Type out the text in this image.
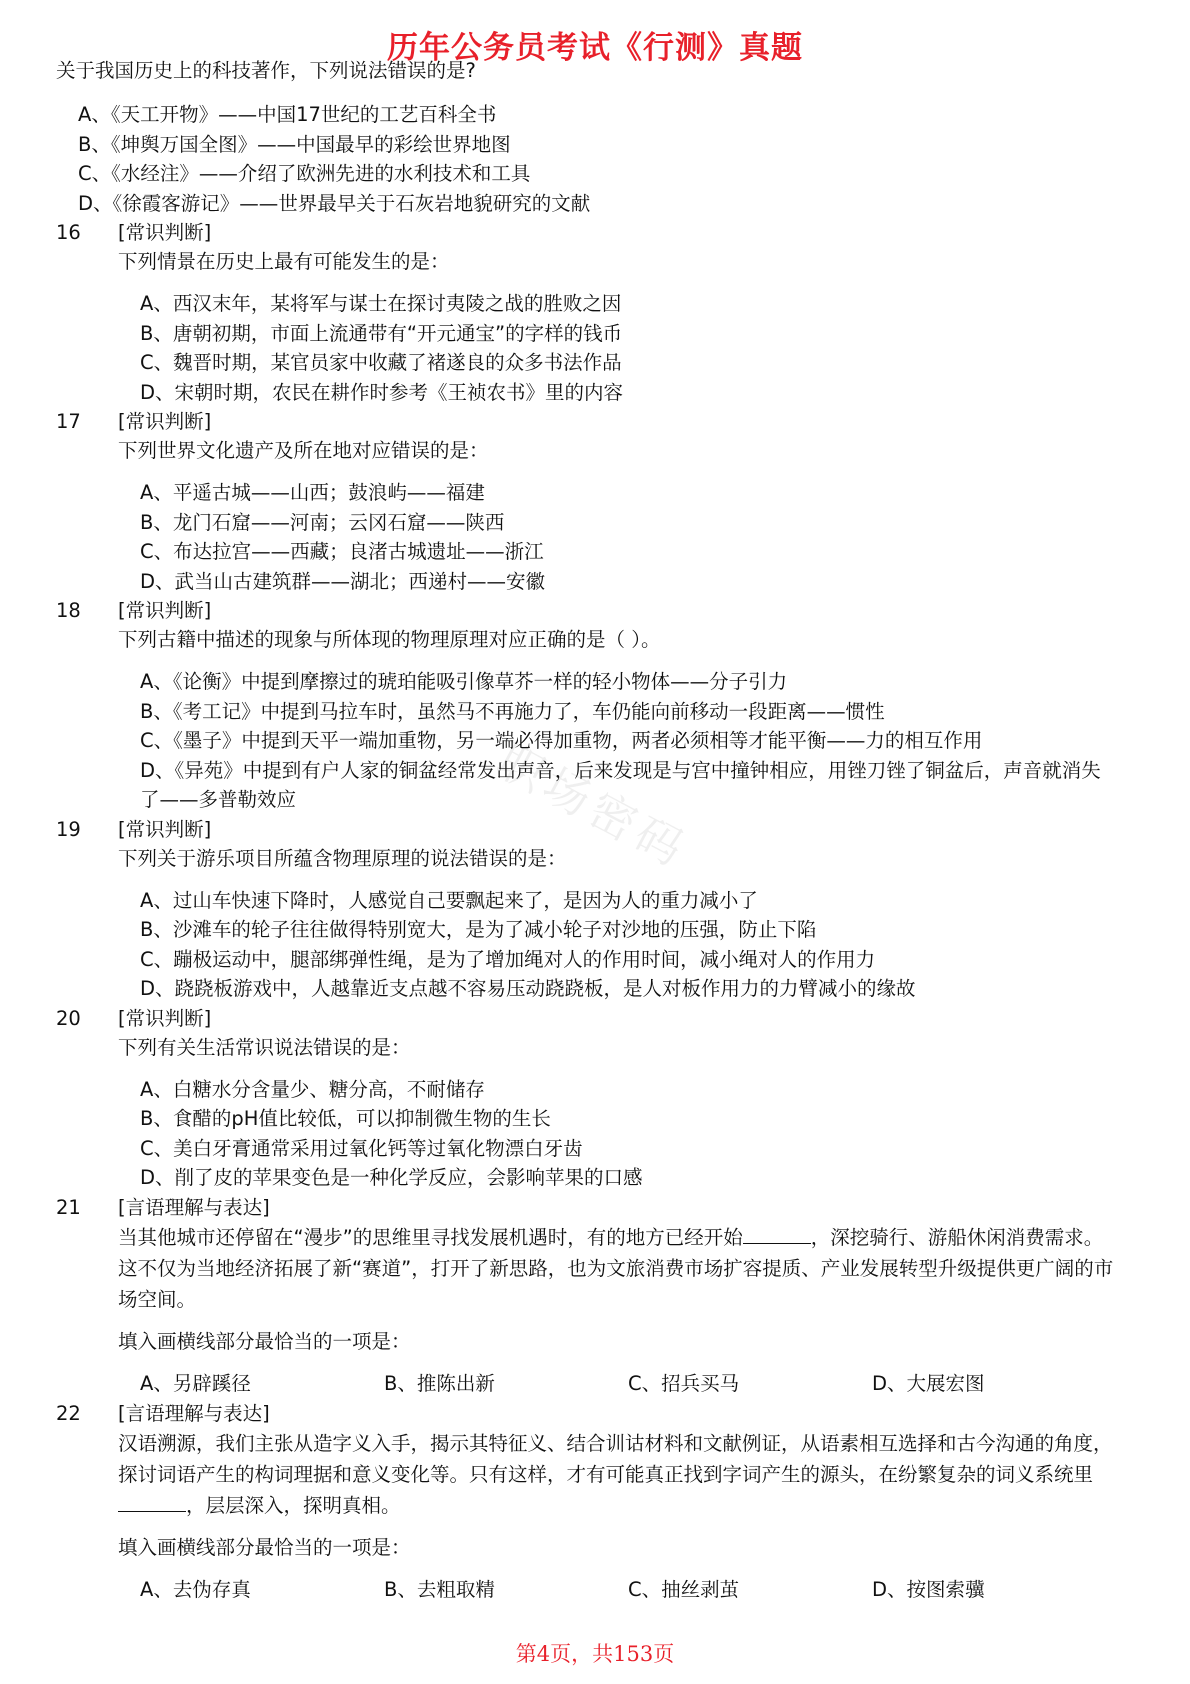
历年公务员考试《行测》真题
职场密码
关于我国历史上的科技著作，下列说法错误的是?
A、《天工开物》——中国17世纪的工艺百科全书
B、《坤舆万国全图》——中国最早的彩绘世界地图
C、《水经注》——介绍了欧洲先进的水利技术和工具
D、《徐霞客游记》——世界最早关于石灰岩地貌研究的文献
16 [常识判断]
下列情景在历史上最有可能发生的是：
A、西汉末年，某将军与谋士在探讨夷陵之战的胜败之因
B、唐朝初期，市面上流通带有“开元通宝”的字样的钱币
C、魏晋时期，某官员家中收藏了褚遂良的众多书法作品
D、宋朝时期，农民在耕作时参考《王祯农书》里的内容
17 [常识判断]
下列世界文化遗产及所在地对应错误的是：
A、平遥古城——山西；鼓浪屿——福建
B、龙门石窟——河南；云冈石窟——陕西
C、布达拉宫——西藏；良渚古城遗址——浙江
D、武当山古建筑群——湖北；西递村——安徽
18 [常识判断]
下列古籍中描述的现象与所体现的物理原理对应正确的是（ ）。
A、《论衡》中提到摩擦过的琥珀能吸引像草芥一样的轻小物体——分子引力
B、《考工记》中提到马拉车时，虽然马不再施力了，车仍能向前移动一段距离——惯性
C、《墨子》中提到天平一端加重物，另一端必得加重物，两者必须相等才能平衡——力的相互作用
D、《异苑》中提到有户人家的铜盆经常发出声音，后来发现是与宫中撞钟相应，用锉刀锉了铜盆后，声音就消失了——多普勒效应
19 [常识判断]
下列关于游乐项目所蕴含物理原理的说法错误的是：
A、过山车快速下降时，人感觉自己要飘起来了，是因为人的重力减小了
B、沙滩车的轮子往往做得特别宽大，是为了减小轮子对沙地的压强，防止下陷
C、蹦极运动中，腿部绑弹性绳，是为了增加绳对人的作用时间，减小绳对人的作用力
D、跷跷板游戏中，人越靠近支点越不容易压动跷跷板，是人对板作用力的力臂减小的缘故
20 [常识判断]
下列有关生活常识说法错误的是：
A、白糖水分含量少、糖分高，不耐储存
B、食醋的pH值比较低，可以抑制微生物的生长
C、美白牙膏通常采用过氧化钙等过氧化物漂白牙齿
D、削了皮的苹果变色是一种化学反应，会影响苹果的口感
21 [言语理解与表达]
当其他城市还停留在“漫步”的思维里寻找发展机遇时，有的地方已经开始	，深挖骑行、游船休闲消费需求。这不仅为当地经济拓展了新“赛道”，打开了新思路，也为文旅消费市场扩容提质、产业发展转型升级提供更广阔的市场空间。
填入画横线部分最恰当的一项是：
A、另辟蹊径	B、推陈出新	C、招兵买马	D、大展宏图
22 [言语理解与表达]
汉语溯源，我们主张从造字义入手，揭示其特征义、结合训诂材料和文献例证，从语素相互选择和古今沟通的角度，探讨词语产生的构词理据和意义变化等。只有这样，才有可能真正找到字词产生的源头，在纷繁复杂的词义系统里，层层深入，探明真相。
填入画横线部分最恰当的一项是：
A、去伪存真	B、去粗取精	C、抽丝剥茧	D、按图索骥
第4页，共153页
